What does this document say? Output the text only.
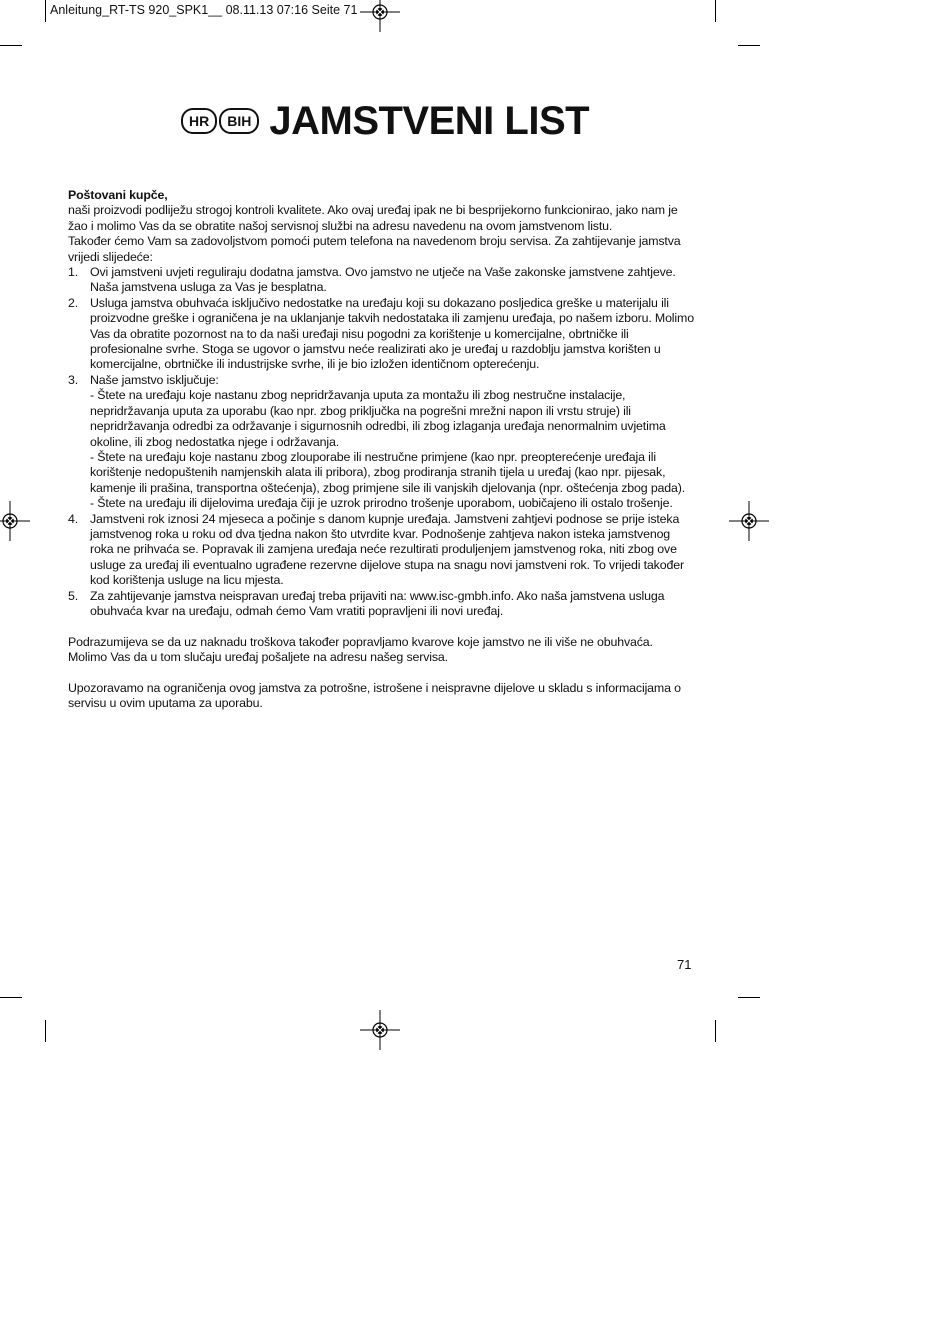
Anleitung_RT-TS 920_SPK1__ 08.11.13 07:16 Seite 71
HR	BIH JAMSTVENI LIST
Poštovani kupče,

naši proizvodi podliježu strogoj kontroli kvalitete. Ako ovaj uređaj ipak ne bi besprijekorno funkcionirao, jako nam je žao i molimo Vas da se obratite našoj servisnoj službi na adresu navedenu na ovom jamstvenom listu.

Također ćemo Vam sa zadovoljstvom pomoći putem telefona na navedenom broju servisa. Za zahtijevanje jamstva vrijedi slijedeće:

1. Ovi jamstveni uvjeti reguliraju dodatna jamstva. Ovo jamstvo ne utječe na Vaše zakonske jamstvene zahtjeve. Naša jamstvena usluga za Vas je besplatna.
2. Usluga jamstva obuhvaća isključivo nedostatke na uređaju koji su dokazano posljedica greške u materijalu ili proizvodne greške i ograničena je na uklanjanje takvih nedostataka ili zamjenu uređaja, po našem izboru. Molimo Vas da obratite pozornost na to da naši uređaji nisu pogodni za korištenje u komercijalne, obrtničke ili profesionalne svrhe. Stoga se ugovor o jamstvu neće realizirati ako je uređaj u razdoblju jamstva korišten u komercijalne, obrtničke ili industrijske svrhe, ili je bio izložen identičnom opterećenju.
3. Naše jamstvo isključuje:
- Štete na uređaju koje nastanu zbog nepridržavanja uputa za montažu ili zbog nestručne instalacije, nepridržavanja uputa za uporabu (kao npr. zbog priključka na pogrešni mrežni napon ili vrstu struje) ili nepridržavanja odredbi za održavanje i sigurnosnih odredbi, ili zbog izlaganja uređaja nenormalnim uvjetima okoline, ili zbog nedostatka njege i održavanja.
- Štete na uređaju koje nastanu zbog zlouporabe ili nestručne primjene (kao npr. preopterećenje uređaja ili korištenje nedopuštenih namjenskih alata ili pribora), zbog prodiranja stranih tijela u uređaj (kao npr. pijesak, kamenje ili prašina, transportna oštećenja), zbog primjene sile ili vanjskih djelovanja (npr. oštećenja zbog pada).
- Štete na uređaju ili dijelovima uređaja čiji je uzrok prirodno trošenje uporabom, uobičajeno ili ostalo trošenje.
4. Jamstveni rok iznosi 24 mjeseca a počinje s danom kupnje uređaja. Jamstveni zahtjevi podnose se prije isteka jamstvenog roka u roku od dva tjedna nakon što utvrdite kvar. Podnošenje zahtjeva nakon isteka jamstvenog roka ne prihvaća se. Popravak ili zamjena uređaja neće rezultirati produljenjem jamstvenog roka, niti zbog ove usluge za uređaj ili eventualno ugrađene rezervne dijelove stupa na snagu novi jamstveni rok. To vrijedi također kod korištenja usluge na licu mjesta.
5. Za zahtijevanje jamstva neispravan uređaj treba prijaviti na: www.isc-gmbh.info. Ako naša jamstvena usluga obuhvaća kvar na uređaju, odmah ćemo Vam vratiti popravljeni ili novi uređaj.

Podrazumijeva se da uz naknadu troškova također popravljamo kvarove koje jamstvo ne ili više ne obuhvaća.

Molimo Vas da u tom slučaju uređaj pošaljete na adresu našeg servisa.

Upozoravamo na ograničenja ovog jamstva za potrošne, istrošene i neispravne dijelove u skladu s informacijama o servisu u ovim uputama za uporabu.

71
